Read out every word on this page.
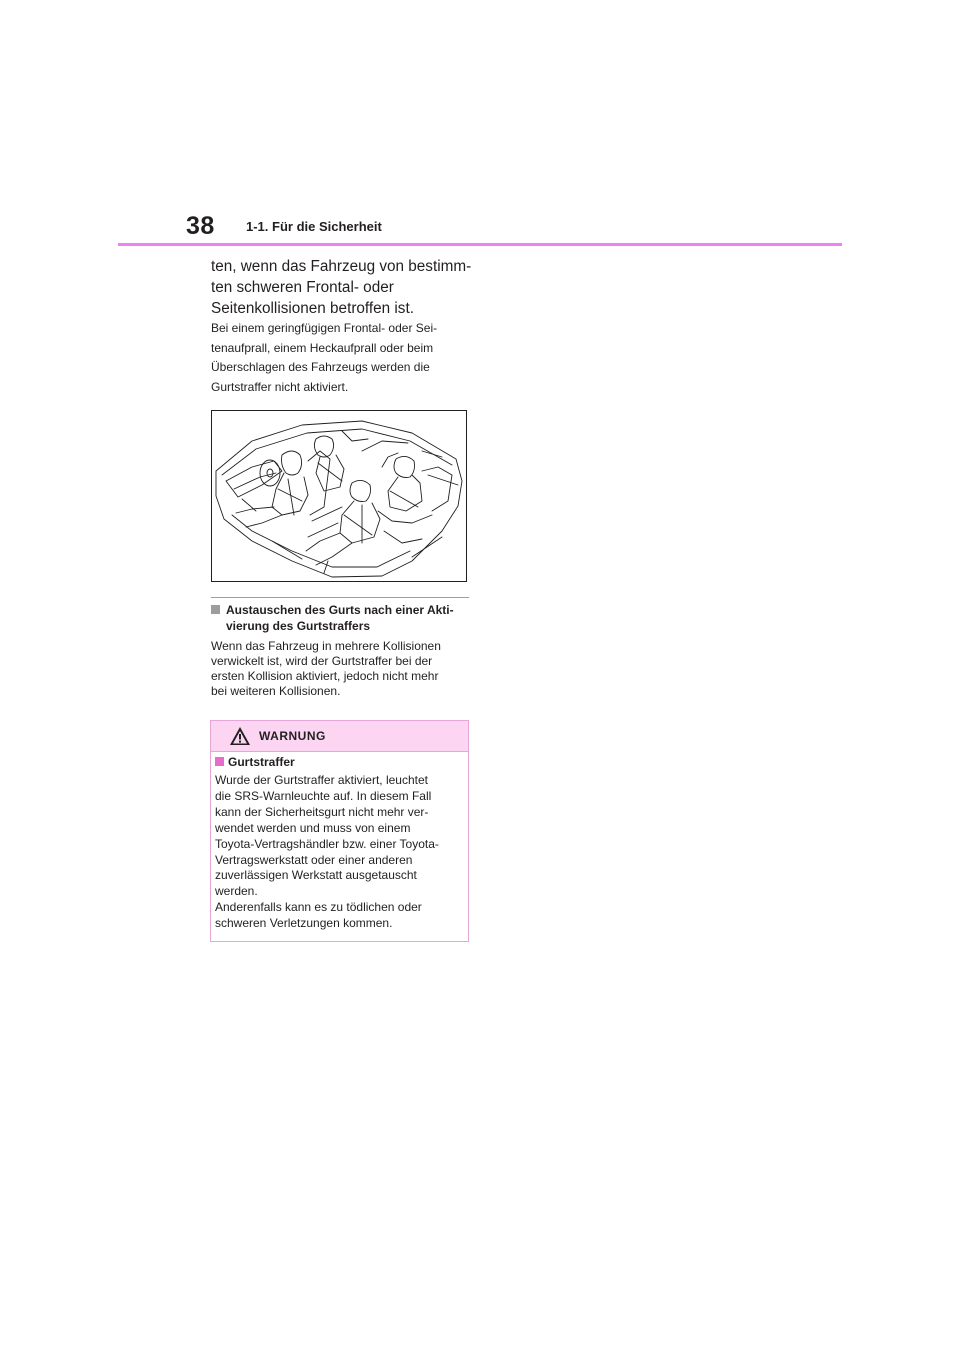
38 1-1. Für die Sicherheit

ten, wenn das Fahrzeug von bestimm-
ten schweren Frontal- oder
Seitenkollisionen betroffen ist.

Bei einem geringfügigen Frontal- oder Sei-
tenaufprall, einem Heckaufprall oder beim
Überschlagen des Fahrzeugs werden die
Gurtstraffer nicht aktiviert.

Austauschen des Gurts nach einer Akti-
vierung des Gurtstraffers

Wenn das Fahrzeug in mehrere Kollisionen
verwickelt ist, wird der Gurtstraffer bei der
ersten Kollision aktiviert, jedoch nicht mehr
bei weiteren Kollisionen.

WARNUNG
Gurtstraffer

Wurde der Gurtstraffer aktiviert, leuchtet
die SRS-Warnleuchte auf. In diesem Fall
kann der Sicherheitsgurt nicht mehr ver-
wendet werden und muss von einem
Toyota-Vertragshändler bzw. einer Toyota-
Vertragswerkstatt oder einer anderen
zuverlässigen Werkstatt ausgetauscht
werden.
Anderenfalls kann es zu tödlichen oder
schweren Verletzungen kommen.
